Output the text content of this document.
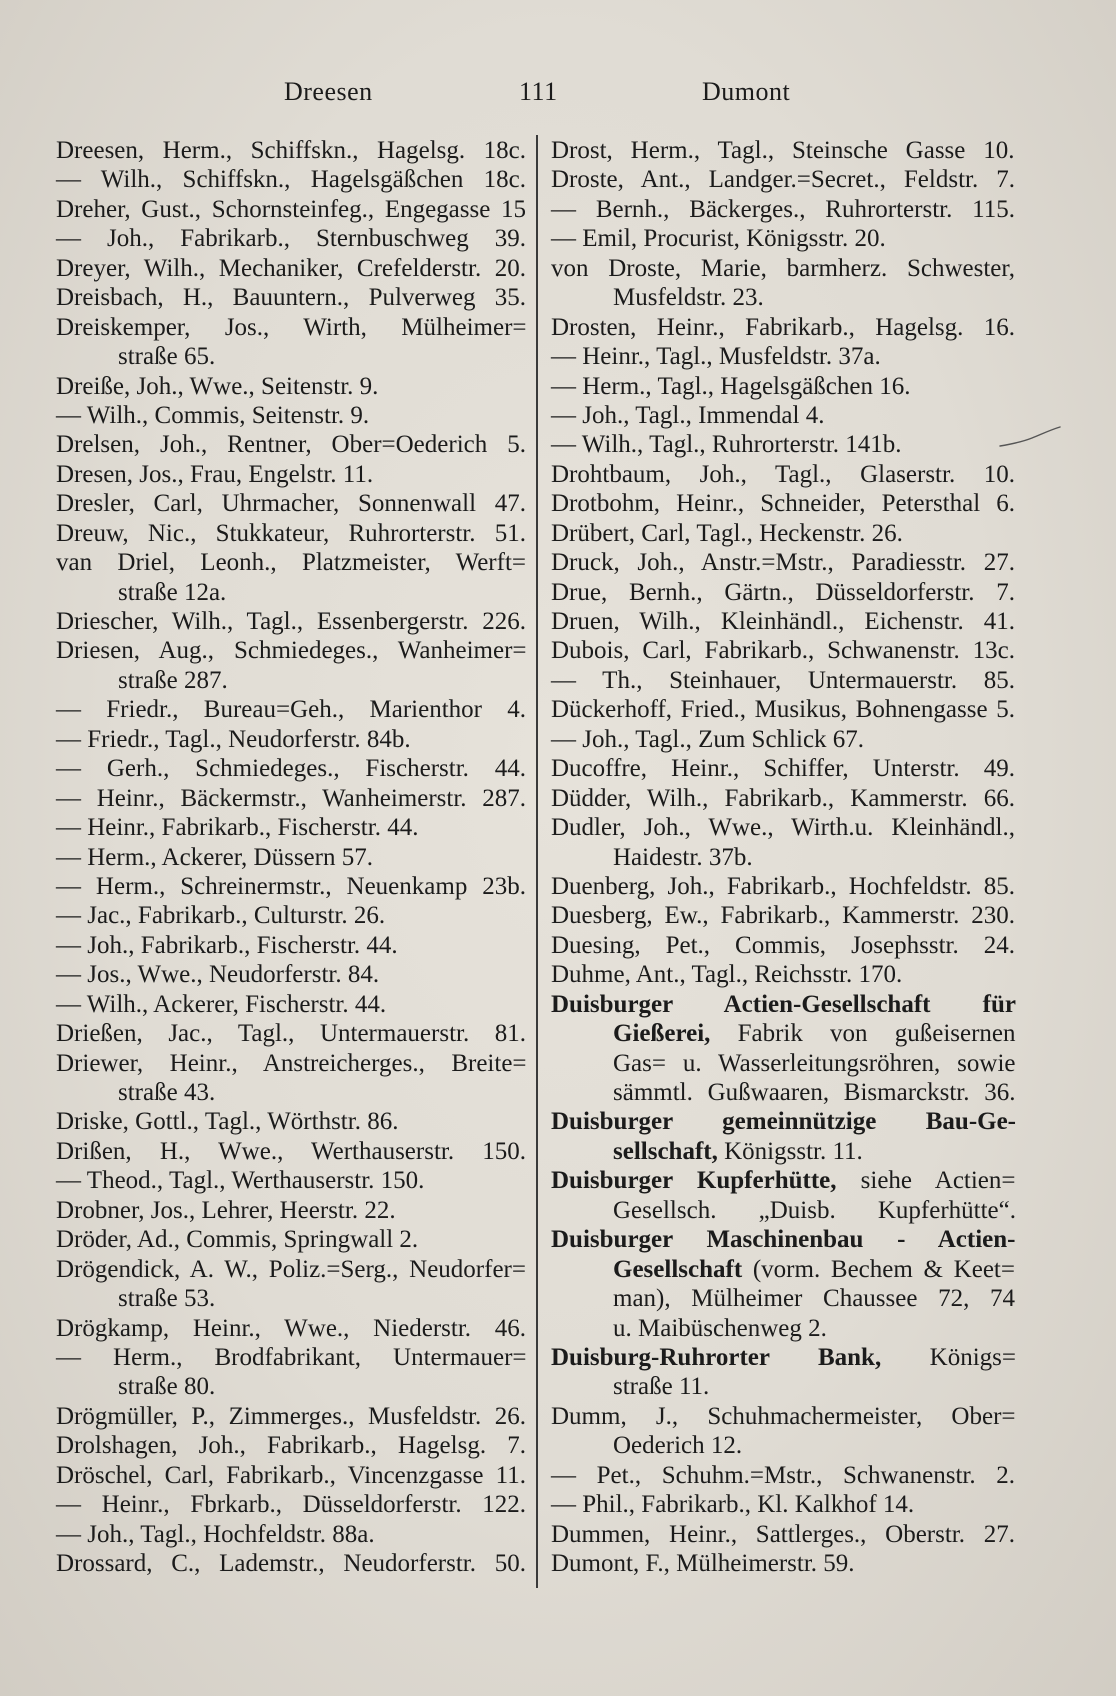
Dreesen	111	Dumont
Dreesen, Herm., Schiffskn., Hagelsg. 18c.
— Wilh., Schiffskn., Hagelsgäßchen 18c.
Dreher, Gust., Schornsteinfeg., Engegasse 15
— Joh., Fabrikarb., Sternbuschweg 39.
Dreyer, Wilh., Mechaniker, Crefelderstr. 20.
Dreisbach, H., Bauuntern., Pulverweg 35.
Dreiskemper, Jos., Wirth, Mülheimer=
straße 65.
Dreiße, Joh., Wwe., Seitenstr. 9.
— Wilh., Commis, Seitenstr. 9.
Drelsen, Joh., Rentner, Ober=Oederich 5.
Dresen, Jos., Frau, Engelstr. 11.
Dresler, Carl, Uhrmacher, Sonnenwall 47.
Dreuw, Nic., Stukkateur, Ruhrorterstr. 51.
van Driel, Leonh., Platzmeister, Werft=
straße 12a.
Driescher, Wilh., Tagl., Essenbergerstr. 226.
Driesen, Aug., Schmiedeges., Wanheimer=
straße 287.
— Friedr., Bureau=Geh., Marienthor 4.
— Friedr., Tagl., Neudorferstr. 84b.
— Gerh., Schmiedeges., Fischerstr. 44.
— Heinr., Bäckermstr., Wanheimerstr. 287.
— Heinr., Fabrikarb., Fischerstr. 44.
— Herm., Ackerer, Düssern 57.
— Herm., Schreinermstr., Neuenkamp 23b.
— Jac., Fabrikarb., Culturstr. 26.
— Joh., Fabrikarb., Fischerstr. 44.
— Jos., Wwe., Neudorferstr. 84.
— Wilh., Ackerer, Fischerstr. 44.
Drießen, Jac., Tagl., Untermauerstr. 81.
Driewer, Heinr., Anstreicherges., Breite=
straße 43.
Driske, Gottl., Tagl., Wörthstr. 86.
Drißen, H., Wwe., Werthauserstr. 150.
— Theod., Tagl., Werthauserstr. 150.
Drobner, Jos., Lehrer, Heerstr. 22.
Dröder, Ad., Commis, Springwall 2.
Drögendick, A. W., Poliz.=Serg., Neudorfer=
straße 53.
Drögkamp, Heinr., Wwe., Niederstr. 46.
— Herm., Brodfabrikant, Untermauer=
straße 80.
Drögmüller, P., Zimmerges., Musfeldstr. 26.
Drolshagen, Joh., Fabrikarb., Hagelsg. 7.
Dröschel, Carl, Fabrikarb., Vincenzgasse 11.
— Heinr., Fbrkarb., Düsseldorferstr. 122.
— Joh., Tagl., Hochfeldstr. 88a.
Drossard, C., Lademstr., Neudorferstr. 50.
Drost, Herm., Tagl., Steinsche Gasse 10.
Droste, Ant., Landger.=Secret., Feldstr. 7.
— Bernh., Bäckerges., Ruhrorterstr. 115.
— Emil, Procurist, Königsstr. 20.
von Droste, Marie, barmherz. Schwester,
Musfeldstr. 23.
Drosten, Heinr., Fabrikarb., Hagelsg. 16.
— Heinr., Tagl., Musfeldstr. 37a.
— Herm., Tagl., Hagelsgäßchen 16.
— Joh., Tagl., Immendal 4.
— Wilh., Tagl., Ruhrorterstr. 141b.
Drohtbaum, Joh., Tagl., Glaserstr. 10.
Drotbohm, Heinr., Schneider, Petersthal 6.
Drübert, Carl, Tagl., Heckenstr. 26.
Druck, Joh., Anstr.=Mstr., Paradiesstr. 27.
Drue, Bernh., Gärtn., Düsseldorferstr. 7.
Druen, Wilh., Kleinhändl., Eichenstr. 41.
Dubois, Carl, Fabrikarb., Schwanenstr. 13c.
— Th., Steinhauer, Untermauerstr. 85.
Dückerhoff, Fried., Musikus, Bohnengasse 5.
— Joh., Tagl., Zum Schlick 67.
Ducoffre, Heinr., Schiffer, Unterstr. 49.
Düdder, Wilh., Fabrikarb., Kammerstr. 66.
Dudler, Joh., Wwe., Wirth.u. Kleinhändl.,
Haidestr. 37b.
Duenberg, Joh., Fabrikarb., Hochfeldstr. 85.
Duesberg, Ew., Fabrikarb., Kammerstr. 230.
Duesing, Pet., Commis, Josephsstr. 24.
Duhme, Ant., Tagl., Reichsstr. 170.
Duisburger Actien-Gesellschaft für
Gießerei, Fabrik von gußeisernen
Gas= u. Wasserleitungsröhren, sowie
sämmtl. Gußwaaren, Bismarckstr. 36.
Duisburger gemeinnützige Bau-Ge-
sellschaft, Königsstr. 11.
Duisburger Kupferhütte, siehe Actien=
Gesellsch. „Duisb. Kupferhütte“.
Duisburger Maschinenbau - Actien-
Gesellschaft (vorm. Bechem & Keet=
man), Mülheimer Chaussee 72, 74
u. Maibüschenweg 2.
Duisburg-Ruhrorter Bank, Königs=
straße 11.
Dumm, J., Schuhmachermeister, Ober=
Oederich 12.
— Pet., Schuhm.=Mstr., Schwanenstr. 2.
— Phil., Fabrikarb., Kl. Kalkhof 14.
Dummen, Heinr., Sattlerges., Oberstr. 27.
Dumont, F., Mülheimerstr. 59.
